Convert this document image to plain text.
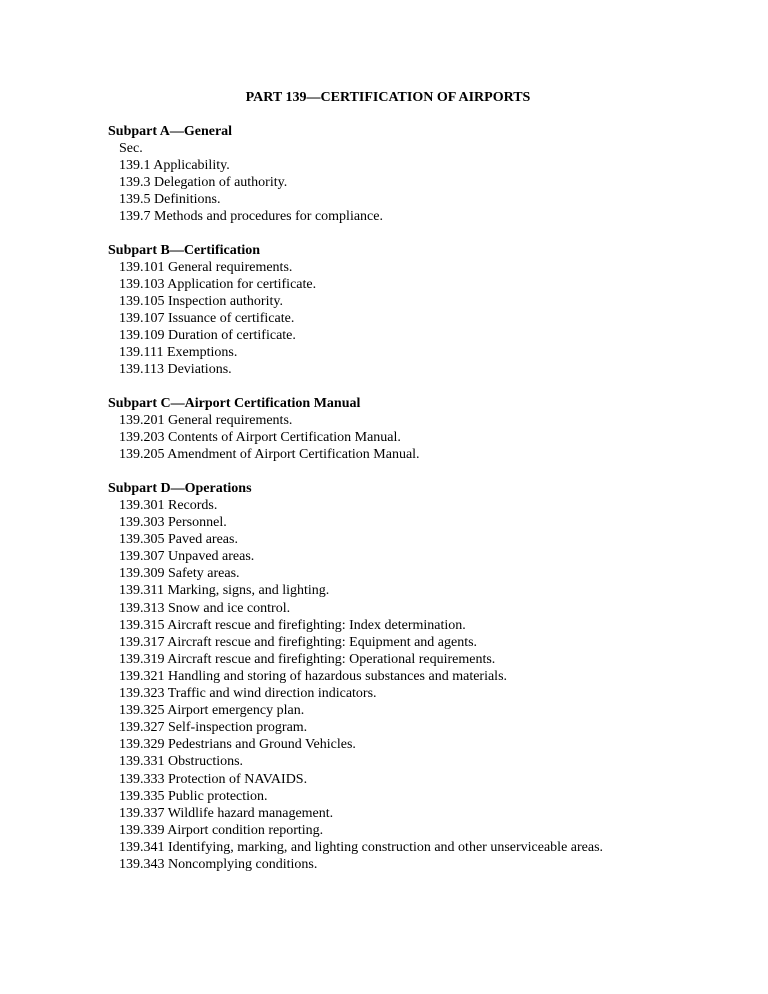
PART 139—CERTIFICATION OF AIRPORTS
Subpart A—General
Sec.
139.1 Applicability.
139.3 Delegation of authority.
139.5 Definitions.
139.7 Methods and procedures for compliance.
Subpart B—Certification
139.101 General requirements.
139.103 Application for certificate.
139.105 Inspection authority.
139.107 Issuance of certificate.
139.109 Duration of certificate.
139.111 Exemptions.
139.113 Deviations.
Subpart C—Airport Certification Manual
139.201 General requirements.
139.203 Contents of Airport Certification Manual.
139.205 Amendment of Airport Certification Manual.
Subpart D—Operations
139.301 Records.
139.303 Personnel.
139.305 Paved areas.
139.307 Unpaved areas.
139.309 Safety areas.
139.311 Marking, signs, and lighting.
139.313 Snow and ice control.
139.315 Aircraft rescue and firefighting: Index determination.
139.317 Aircraft rescue and firefighting: Equipment and agents.
139.319 Aircraft rescue and firefighting: Operational requirements.
139.321 Handling and storing of hazardous substances and materials.
139.323 Traffic and wind direction indicators.
139.325 Airport emergency plan.
139.327 Self-inspection program.
139.329 Pedestrians and Ground Vehicles.
139.331 Obstructions.
139.333 Protection of NAVAIDS.
139.335 Public protection.
139.337 Wildlife hazard management.
139.339 Airport condition reporting.
139.341 Identifying, marking, and lighting construction and other unserviceable areas.
139.343 Noncomplying conditions.
